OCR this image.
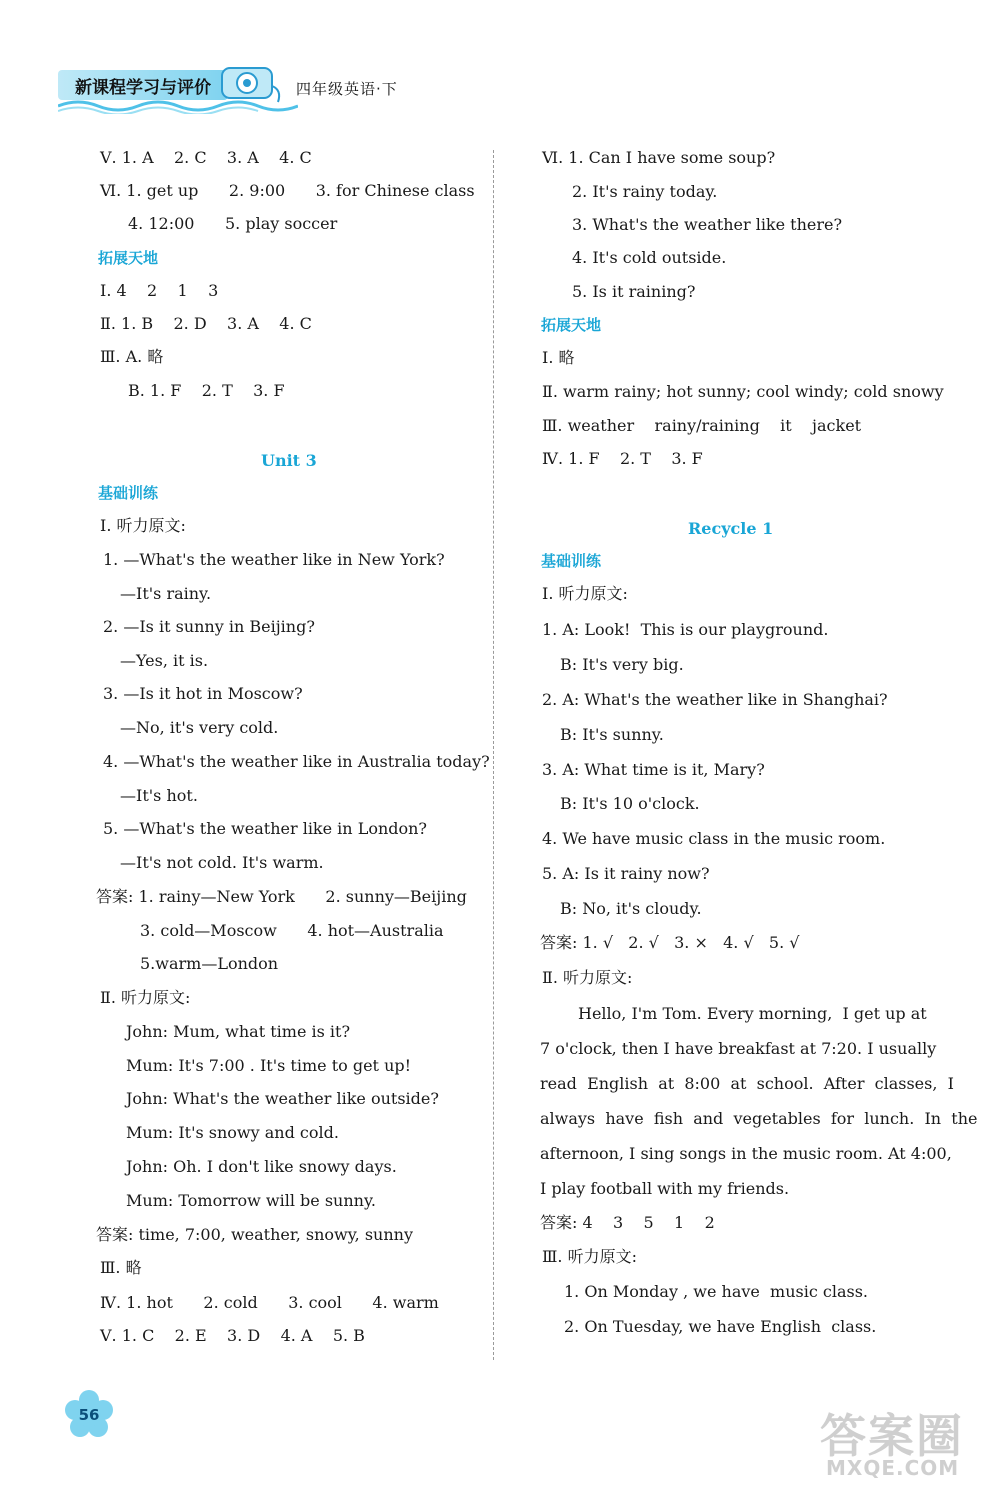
新课程学习与评价	四年级英语·下
Ⅴ. 1. A    2. C    3. A    4. C
Ⅵ. 1. get up      2. 9:00      3. for Chinese class
4. 12:00      5. play soccer
拓展天地
Ⅰ. 4    2    1    3
Ⅱ. 1. B    2. D    3. A    4. C
Ⅲ. A. 略
B. 1. F    2. T    3. F
Unit 3
基础训练
Ⅰ. 听力原文:
1. —What's the weather like in New York?
—It's rainy.
2. —Is it sunny in Beijing?
—Yes, it is.
3. —Is it hot in Moscow?
—No, it's very cold.
4. —What's the weather like in Australia today?
—It's hot.
5. —What's the weather like in London?
—It's not cold. It's warm.
答案: 1. rainy—New York      2. sunny—Beijing
3. cold—Moscow      4. hot—Australia
5.warm—London
Ⅱ. 听力原文:
John: Mum, what time is it?
Mum: It's 7:00 . It's time to get up!
John: What's the weather like outside?
Mum: It's snowy and cold.
John: Oh. I don't like snowy days.
Mum: Tomorrow will be sunny.
答案: time, 7:00, weather, snowy, sunny
Ⅲ. 略
Ⅳ. 1. hot      2. cold      3. cool      4. warm
Ⅴ. 1. C    2. E    3. D    4. A    5. B
Ⅵ. 1. Can I have some soup?
2. It's rainy today.
3. What's the weather like there?
4. It's cold outside.
5. Is it raining?
拓展天地
Ⅰ. 略
Ⅱ. warm rainy; hot sunny; cool windy; cold snowy
Ⅲ. weather    rainy/raining    it    jacket
Ⅳ. 1. F    2. T    3. F
Recycle 1
基础训练
Ⅰ. 听力原文:
1. A: Look!  This is our playground.
B: It's very big.
2. A: What's the weather like in Shanghai?
B: It's sunny.
3. A: What time is it, Mary?
B: It's 10 o'clock.
4. We have music class in the music room.
5. A: Is it rainy now?
B: No, it's cloudy.
答案: 1. √   2. √   3. ×   4. √   5. √
Ⅱ. 听力原文:
Hello, I'm Tom. Every morning,  I get up at
7 o'clock, then I have breakfast at 7:20. I usually
read  English  at  8:00  at  school.  After  classes,  I
always  have  fish  and  vegetables  for  lunch.  In  the
afternoon, I sing songs in the music room. At 4:00,
I play football with my friends.
答案: 4    3    5    1    2
Ⅲ. 听力原文:
1. On Monday , we have  music class.
2. On Tuesday, we have English  class.
56	答案圈
MXQE.COM
